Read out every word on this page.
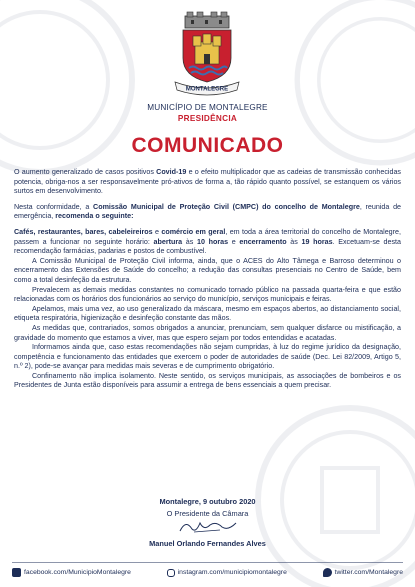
MONTALEGRE
MUNICÍPIO DE MONTALEGRE
PRESIDÊNCIA
COMUNICADO

O aumento generalizado de casos positivos Covid-19 e o efeito multiplicador que as cadeias de transmissão conhecidas potencia, obriga-nos a ser responsavelmente pró-ativos de forma a, tão rápido quanto possível, se estanquem os vários surtos em desenvolvimento.

Nesta conformidade, a Comissão Municipal de Proteção Civil (CMPC) do concelho de Montalegre, reunida de emergência, recomenda o seguinte:

Cafés, restaurantes, bares, cabeleireiros e comércio em geral, em toda a área territorial do concelho de Montalegre, passem a funcionar no seguinte horário: abertura às 10 horas e encerramento às 19 horas. Excetuam-se desta recomendação farmácias, padarias e postos de combustível.

A Comissão Municipal de Proteção Civil informa, ainda, que o ACES do Alto Tâmega e Barroso determinou o encerramento das Extensões de Saúde do concelho; a redução das consultas presenciais no Centro de Saúde, bem como a total desinfeção da estrutura.

Prevalecem as demais medidas constantes no comunicado tornado público na passada quarta-feira e que estão relacionadas com os horários dos funcionários ao serviço do município, serviços municipais e feiras.

Apelamos, mais uma vez, ao uso generalizado da máscara, mesmo em espaços abertos, ao distanciamento social, etiqueta respiratória, higienização e desinfeção constante das mãos.

As medidas que, contrariados, somos obrigados a anunciar, prenunciam, sem qualquer disfarce ou mistificação, a gravidade do momento que estamos a viver, mas que espero sejam por todos entendidas e acatadas.

Informamos ainda que, caso estas recomendações não sejam cumpridas, à luz do regime jurídico da designação, competência e funcionamento das entidades que exercem o poder de autoridades de saúde (Dec. Lei 82/2009, Artigo 5, n.º 2), pode-se avançar para medidas mais severas e de cumprimento obrigatório.

Confinamento não implica isolamento. Neste sentido, os serviços municipais, as associações de bombeiros e os Presidentes de Junta estão disponíveis para assumir a entrega de bens essenciais a quem precisar.

Montalegre, 9 outubro 2020
O Presidente da Câmara
Manuel Orlando Fernandes Alves
facebook.com/MunicipioMontalegre	instagram.com/municipiomontalegre	twitter.com/Montalegre
